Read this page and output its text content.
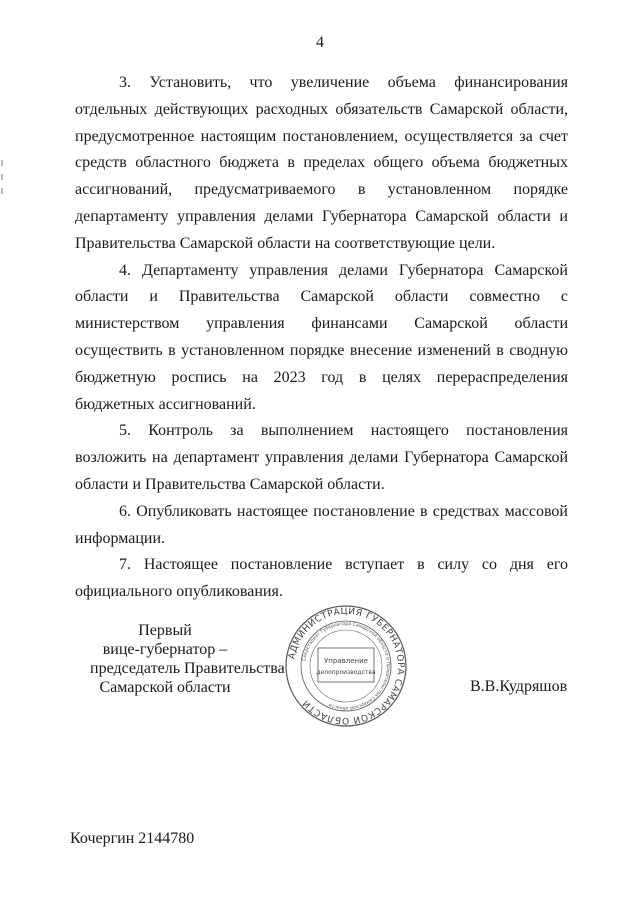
4

3. Установить, что увеличение объема финансирования отдельных действующих расходных обязательств Самарской области, предусмотренное настоящим постановлением, осуществляется за счет средств областного бюджета в пределах общего объема бюджетных ассигнований, предусматриваемого в установленном порядке департаменту управления делами Губернатора Самарской области и Правительства Самарской области на соответствующие цели.

4. Департаменту управления делами Губернатора Самарской области и Правительства Самарской области совместно с министерством управления финансами Самарской области осуществить в установленном порядке внесение изменений в сводную бюджетную роспись на 2023 год в целях перераспределения бюджетных ассигнований.

5. Контроль за выполнением настоящего постановления возложить на департамент управления делами Губернатора Самарской области и Правительства Самарской области.

6. Опубликовать настоящее постановление в средствах массовой информации.

7. Настоящее постановление вступает в силу со дня его официального опубликования.

Первый
вице-губернатор –
председатель Правительства
Самарской области
АДМИНИСТРАЦИЯ ГУБЕРНАТОРА САМАРСКОЙ ОБЛАСТИ
Секретариат Губернатора Самарской области и Правительства Самарской области
Управление
делопроизводства
В.В.Кудряшов
Кочергин 2144780
